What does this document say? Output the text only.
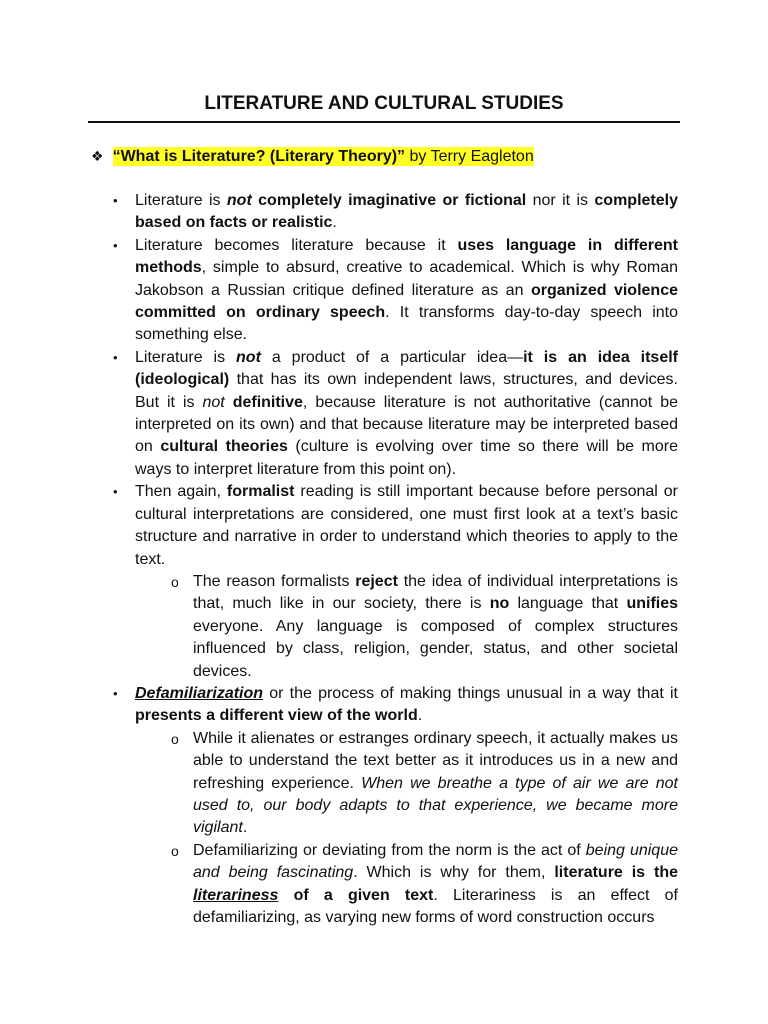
LITERATURE AND CULTURAL STUDIES
❖ “What is Literature? (Literary Theory)” by Terry Eagleton
• Literature is not completely imaginative or fictional nor it is completely based on facts or realistic.
• Literature becomes literature because it uses language in different methods, simple to absurd, creative to academical. Which is why Roman Jakobson a Russian critique defined literature as an organized violence committed on ordinary speech. It transforms day-to-day speech into something else.
• Literature is not a product of a particular idea—it is an idea itself (ideological) that has its own independent laws, structures, and devices. But it is not definitive, because literature is not authoritative (cannot be interpreted on its own) and that because literature may be interpreted based on cultural theories (culture is evolving over time so there will be more ways to interpret literature from this point on).
• Then again, formalist reading is still important because before personal or cultural interpretations are considered, one must first look at a text’s basic structure and narrative in order to understand which theories to apply to the text.
o The reason formalists reject the idea of individual interpretations is that, much like in our society, there is no language that unifies everyone. Any language is composed of complex structures influenced by class, religion, gender, status, and other societal devices.
• Defamiliarization or the process of making things unusual in a way that it presents a different view of the world.
o While it alienates or estranges ordinary speech, it actually makes us able to understand the text better as it introduces us in a new and refreshing experience. When we breathe a type of air we are not used to, our body adapts to that experience, we became more vigilant.
o Defamiliarizing or deviating from the norm is the act of being unique and being fascinating. Which is why for them, literature is the literariness of a given text. Literariness is an effect of defamiliarizing, as varying new forms of word construction occurs
